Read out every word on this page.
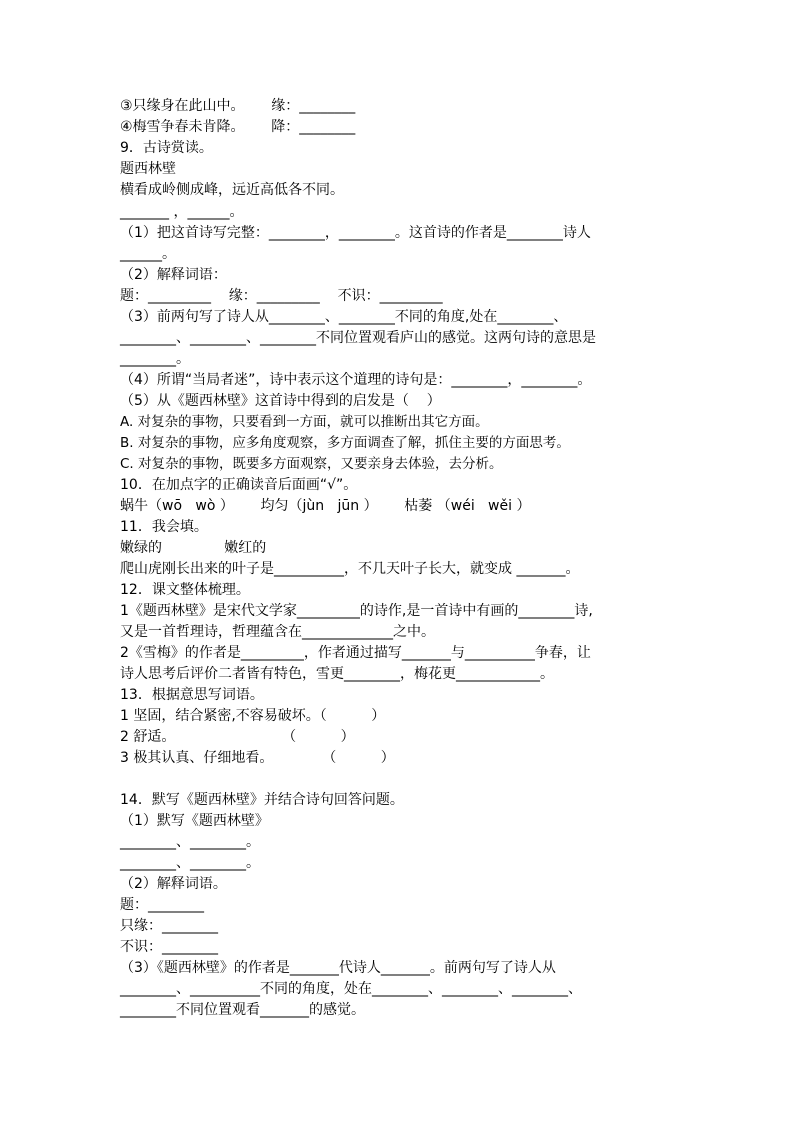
③只缘身在此山中。      缘：________
④梅雪争春未肯降。      降：________
9．古诗赏读。
题西林壁
横看成岭侧成峰，远近高低各不同。
_______ ，______。
（1）把这首诗写完整：________，________。这首诗的作者是________诗人
______。
（2）解释词语：
题：_________    缘：_________    不识：_________
（3）前两句写了诗人从________、________不同的角度,处在________、
________、________、________不同位置观看庐山的感觉。这两句诗的意思是
________。
（4）所谓“当局者迷”，诗中表示这个道理的诗句是：________，________。
（5）从《题西林壁》这首诗中得到的启发是（    ）
A. 对复杂的事物，只要看到一方面，就可以推断出其它方面。
B. 对复杂的事物，应多角度观察，多方面调查了解，抓住主要的方面思考。
C. 对复杂的事物，既要多方面观察，又要亲身去体验，去分析。
10．在加点字的正确读音后面画“√”。
蜗牛（wō   wò ）      均匀（jùn   jūn ）      枯萎 （wéi   wěi ）
11．我会填。
嫩绿的              嫩红的
爬山虎刚长出来的叶子是__________，不几天叶子长大，就变成 _______。
12．课文整体梳理。
1《题西林壁》是宋代文学家_________的诗作,是一首诗中有画的________诗,
又是一首哲理诗，哲理蕴含在_____________之中。
2《雪梅》的作者是_________，作者通过描写_______与__________争春，让
诗人思考后评价二者皆有特色，雪更________，梅花更____________。
13．根据意思写词语。
1 坚固，结合紧密,不容易破坏。（          ）
2 舒适。                        （          ）
3 极其认真、仔细地看。           （          ）
14．默写《题西林壁》并结合诗句回答问题。
（1）默写《题西林壁》
________、________。
________、________。
（2）解释词语。
题：________
只缘：________
不识：________
（3）《题西林壁》的作者是_______代诗人_______。前两句写了诗人从
________、__________不同的角度，处在________、________、________、
________不同位置观看_______的感觉。
